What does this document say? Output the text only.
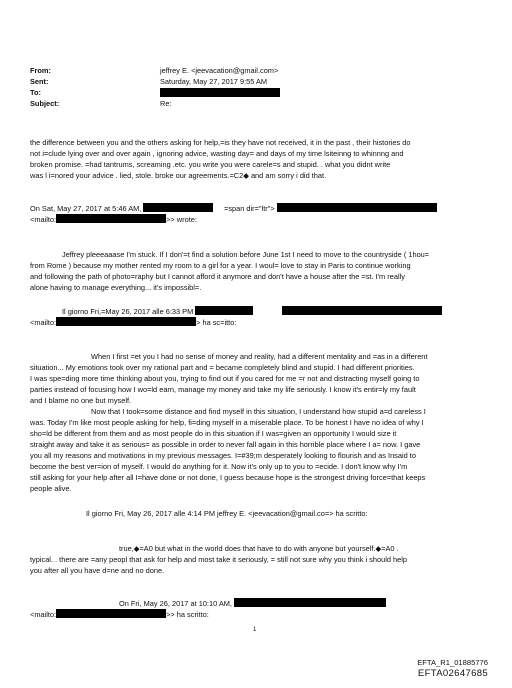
From:	jeffrey E. <jeevacation@gmail.com>
Sent:	Saturday, May 27, 2017 9:55 AM
To:
Subject:	Re:
the difference between you and the others asking for help,=is they have not received, it in the past , their histories do
not i=clude lying over and over again , ignoring advice, wasting day= and days of my time lsiteinng to whinnng and
broken promise. =had tantrums, screaming .etc. you write you were carele=s and stupid. . what you didnt write
was l i=nored your advice . lied, stole. broke our agreements.=C2◆ and am sorry i did that.
On Sat, May 27, 2017 at 5:46 AM,	=span dir="ltr">
<mailto:	>> wrote:
Jeffrey pleeeaaase I'm stuck. If I don'=t find a solution before June 1st I need to move to the countryside ( 1hou=
from Rome ) because my mother rented my room to a girl for a year. I woul= love to stay in Paris to continue working
and following the path of photo=raphy but I cannot afford it anymore and don't have a house after the =st. I'm really
alone having to manage everything... it's impossibl=.
Il giorno Fri,=May 26, 2017 alle 6:33 PM
<mailto:	> ha sc=itto:
When I first =et you I had no sense of money and reality, had a different mentality and =as in a different
situation... My emotions took over my rational part and = became completely blind and stupid. I had different priorities.
I was spe=ding more time thinking about you, trying to find out if you cared for me =r not and distracting myself going to
parties instead of focusing how I wo=ld earn, manage my money and take my life seriously. I know it's entir=ly my fault
and I blame no one but myself.
Now that I took=some distance and find myself in this situation, I understand how stupid a=d careless I
was. Today I'm like most people asking for help, fi=ding myself in a miserable place. To be honest I have no idea of why I
sho=ld be different from them and as most people do in this situation if I was=given an opportunity I would size it
straight away and take it as serious= as possible in order to never fall again in this horrible place where I a= now. I gave
you all my reasons and motivations in my previous messages. I=#39;m desperately looking to flourish and as Insaid to
become the best ver=ion of myself. I would do anything for it. Now it's only up to you to =ecide. I don't know why I'm
still asking for your help after all I=have done or not done, I guess because hope is the strongest driving force=that keeps
people alive.
Il giorno Fri, May 26, 2017 alle 4:14 PM jeffrey E. <jeevacation@gmail.co=> ha scritto:
true,◆=A0 but what in the world does that have to do with anyone but yourself.◆=A0 .
typical. . there are =any peopl that ask for help and most take it seriously, = still not sure why you think i should help
you after all you have d=ne and no done.
On Fri, May 26, 2017 at 10:10 AM,
<mailto:	>> ha scritto:
1
EFTA_R1_01885776
EFTA02647685
